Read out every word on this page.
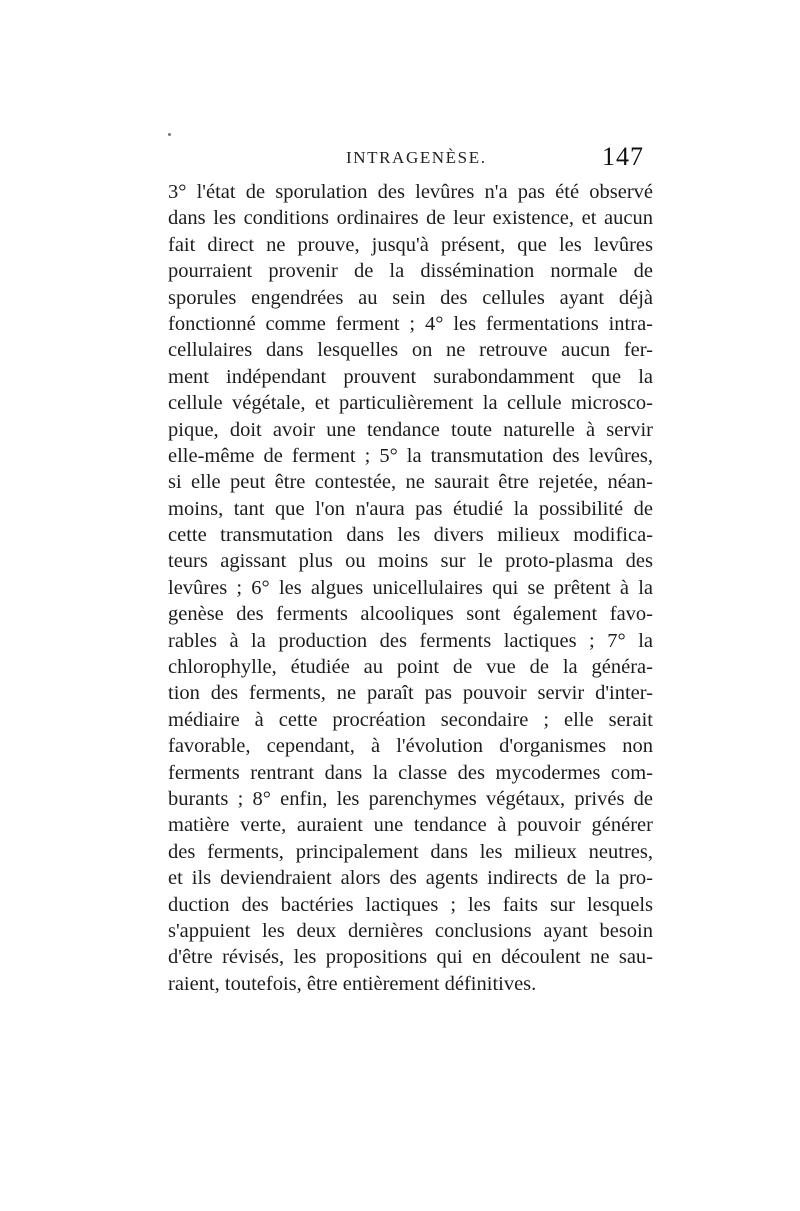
INTRAGENÈSE.	147
3° l'état de sporulation des levûres n'a pas été observé
dans les conditions ordinaires de leur existence, et aucun
fait direct ne prouve, jusqu'à présent, que les levûres
pourraient provenir de la dissémination normale de
sporules engendrées au sein des cellules ayant déjà
fonctionné comme ferment ; 4° les fermentations intra-
cellulaires dans lesquelles on ne retrouve aucun fer-
ment indépendant prouvent surabondamment que la
cellule végétale, et particulièrement la cellule microsco-
pique, doit avoir une tendance toute naturelle à servir
elle-même de ferment ; 5° la transmutation des levûres,
si elle peut être contestée, ne saurait être rejetée, néan-
moins, tant que l'on n'aura pas étudié la possibilité de
cette transmutation dans les divers milieux modifica-
teurs agissant plus ou moins sur le proto-plasma des
levûres ; 6° les algues unicellulaires qui se prêtent à la
genèse des ferments alcooliques sont également favo-
rables à la production des ferments lactiques ; 7° la
chlorophylle, étudiée au point de vue de la généra-
tion des ferments, ne paraît pas pouvoir servir d'inter-
médiaire à cette procréation secondaire ; elle serait
favorable, cependant, à l'évolution d'organismes non
ferments rentrant dans la classe des mycodermes com-
burants ; 8° enfin, les parenchymes végétaux, privés de
matière verte, auraient une tendance à pouvoir générer
des ferments, principalement dans les milieux neutres,
et ils deviendraient alors des agents indirects de la pro-
duction des bactéries lactiques ; les faits sur lesquels
s'appuient les deux dernières conclusions ayant besoin
d'être révisés, les propositions qui en découlent ne sau-
raient, toutefois, être entièrement définitives.
